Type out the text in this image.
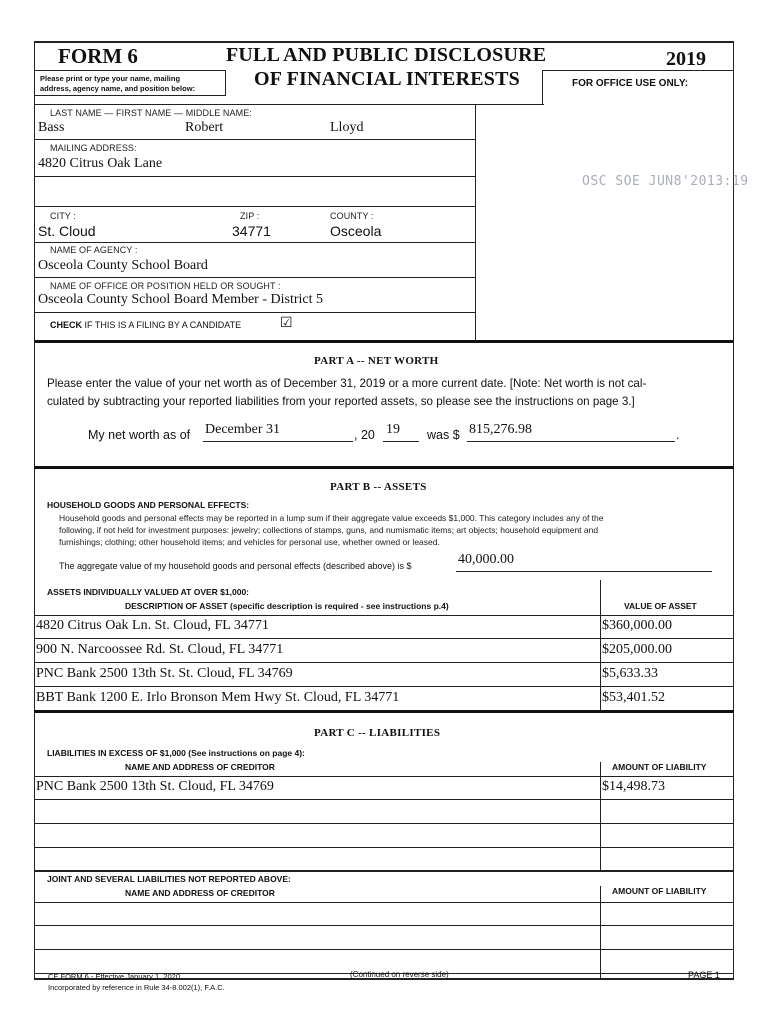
FORM 6	FULL AND PUBLIC DISCLOSURE
OF FINANCIAL INTERESTS
2019
Please print or type your name, mailing
address, agency name, and position below:	FOR OFFICE USE ONLY:
OSC SOE JUN8'2013:19
LAST NAME — FIRST NAME — MIDDLE NAME:
Bass	Robert	Lloyd
MAILING ADDRESS:
4820 Citrus Oak Lane
CITY :	ZIP :	COUNTY :
St. Cloud	34771	Osceola
NAME OF AGENCY :
Osceola County School Board
NAME OF OFFICE OR POSITION HELD OR SOUGHT :
Osceola County School Board Member - District 5
CHECK IF THIS IS A FILING BY A CANDIDATE	☑
PART A -- NET WORTH
Please enter the value of your net worth as of December 31, 2019 or a more current date. [Note: Net worth is not cal-
culated by subtracting your reported liabilities from your reported assets, so please see the instructions on page 3.]
My net worth as of December 31	, 20 19 was $ 815,276.98	.
PART B -- ASSETS
HOUSEHOLD GOODS AND PERSONAL EFFECTS:
Household goods and personal effects may be reported in a lump sum if their aggregate value exceeds $1,000. This category includes any of the
following, if not held for investment purposes: jewelry; collections of stamps, guns, and numismatic items; art objects; household equipment and
furnishings; clothing; other household items; and vehicles for personal use, whether owned or leased.
The aggregate value of my household goods and personal effects (described above) is $	40,000.00
ASSETS INDIVIDUALLY VALUED AT OVER $1,000:
DESCRIPTION OF ASSET (specific description is required - see instructions p.4)	VALUE OF ASSET
4820 Citrus Oak Ln. St. Cloud, FL 34771	$360,000.00
900 N. Narcoossee Rd. St. Cloud, FL 34771	$205,000.00
PNC Bank 2500 13th St. St. Cloud, FL 34769	$5,633.33
BBT Bank 1200 E. Irlo Bronson Mem Hwy St. Cloud, FL 34771	$53,401.52
PART C -- LIABILITIES
LIABILITIES IN EXCESS OF $1,000 (See instructions on page 4):
NAME AND ADDRESS OF CREDITOR	AMOUNT OF LIABILITY
PNC Bank 2500 13th St. Cloud, FL 34769	$14,498.73
JOINT AND SEVERAL LIABILITIES NOT REPORTED ABOVE:
NAME AND ADDRESS OF CREDITOR	AMOUNT OF LIABILITY
CE FORM 6 - Effective January 1, 2020
Incorporated by reference in Rule 34-8.002(1), F.A.C.
(Continued on reverse side)	PAGE 1
